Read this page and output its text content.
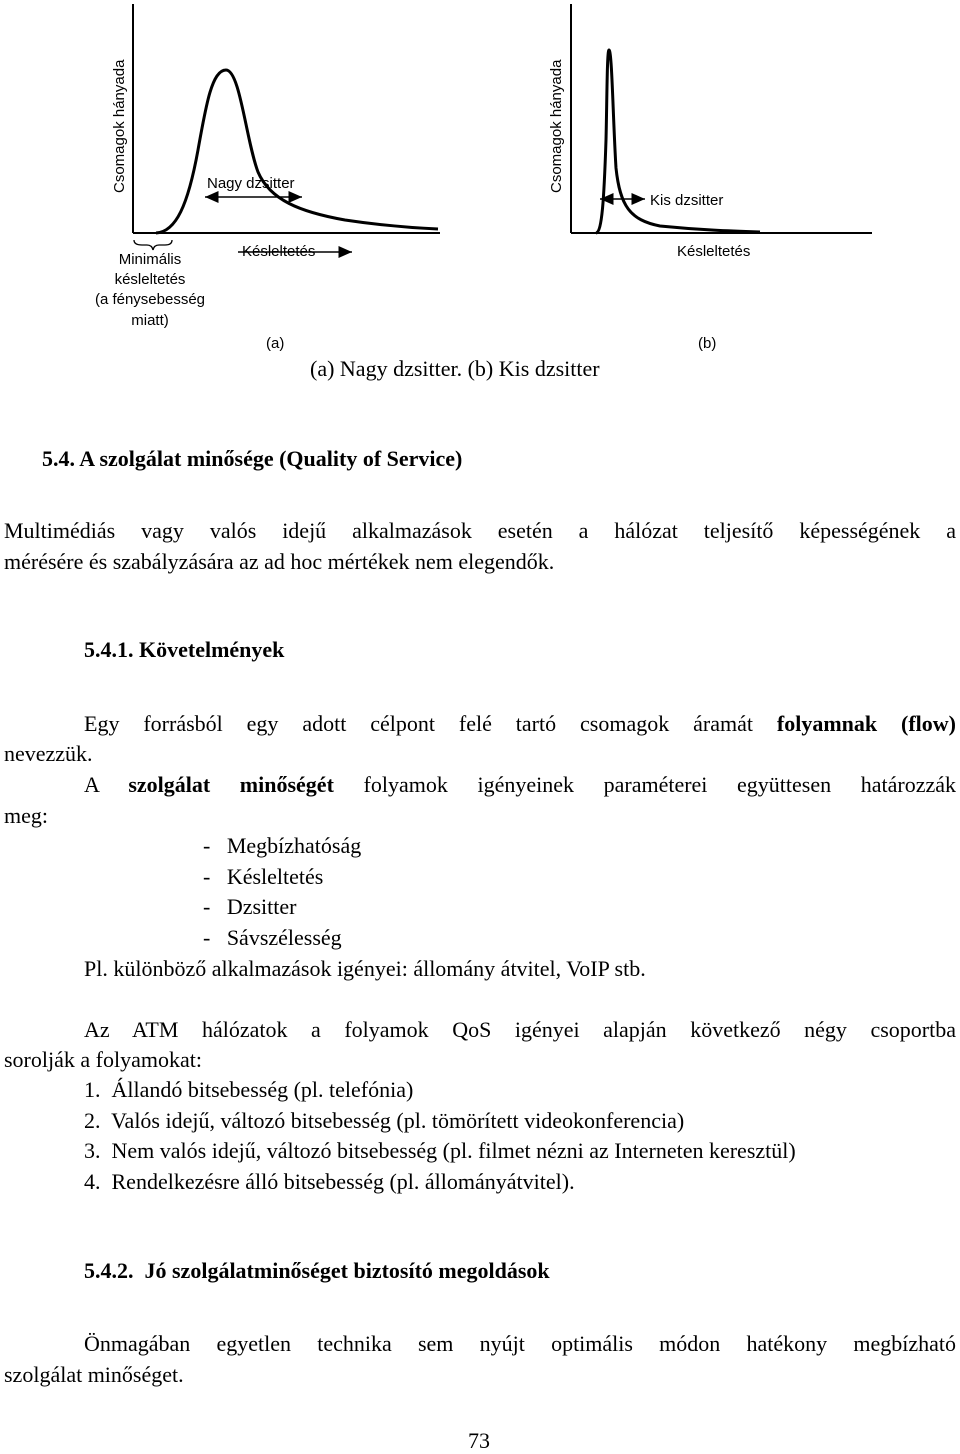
Csomagok hányada	Nagy dzsitter
Késleltetés
Minimális
késleltetés
(a fénysebesség
miatt)
(a)
Csomagok hányada
Kis dzsitter
Késleltetés
(b)
(a) Nagy dzsitter. (b) Kis dzsitter
5.4. A szolgálat minősége (Quality of Service)
Multimédiás vagy valós idejű alkalmazások esetén a hálózat teljesítő képességének a
mérésére és szabályzására az ad hoc mértékek nem elegendők.
5.4.1. Követelmények
Egy forrásból egy adott célpont felé tartó csomagok áramát folyamnak (flow)
nevezzük.
A szolgálat minőségét folyamok igényeinek paraméterei együttesen határozzák
meg:
-   Megbízhatóság
-   Késleltetés
-   Dzsitter
-   Sávszélesség
Pl. különböző alkalmazások igényei: állomány átvitel, VoIP stb.
Az ATM hálózatok a folyamok QoS igényei alapján következő négy csoportba
sorolják a folyamokat:
1.  Állandó bitsebesség (pl. telefónia)
2.  Valós idejű, változó bitsebesség (pl. tömörített videokonferencia)
3.  Nem valós idejű, változó bitsebesség (pl. filmet nézni az Interneten keresztül)
4.  Rendelkezésre álló bitsebesség (pl. állományátvitel).
5.4.2.  Jó szolgálatminőséget biztosító megoldások
Önmagában egyetlen technika sem nyújt optimális módon hatékony megbízható
szolgálat minőséget.
73
